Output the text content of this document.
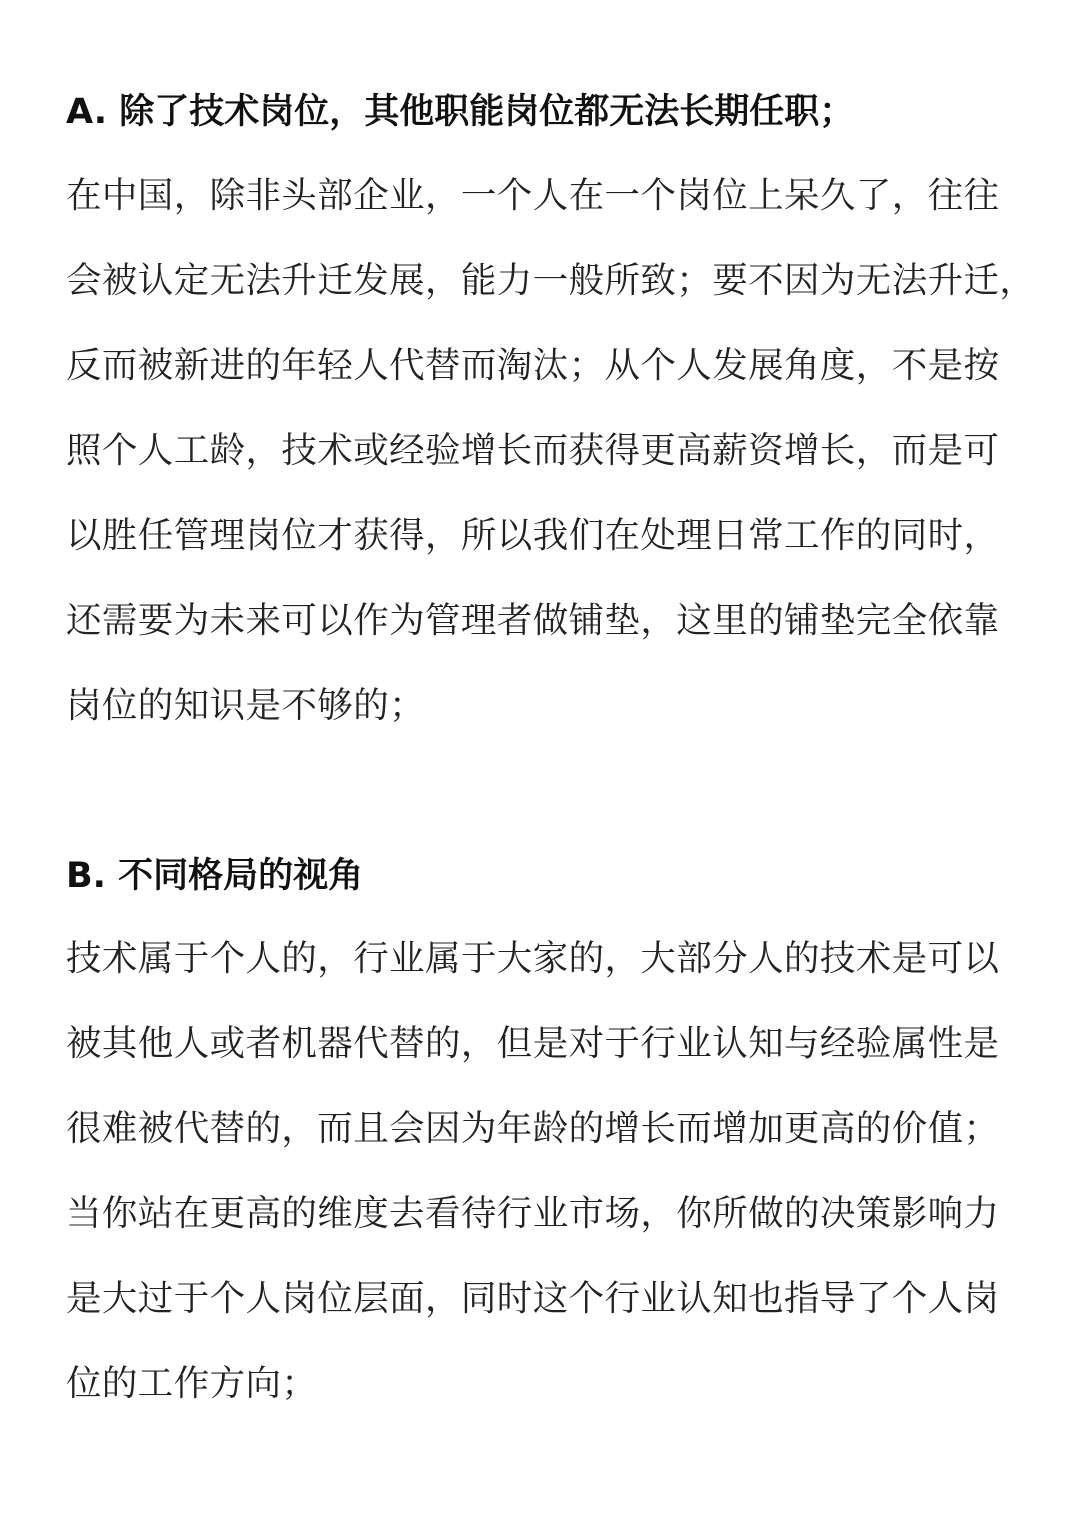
A. 除了技术岗位，其他职能岗位都无法长期任职；
在中国，除非头部企业，一个人在一个岗位上呆久了，往往
会被认定无法升迁发展，能力一般所致；要不因为无法升迁，
反而被新进的年轻人代替而淘汰；从个人发展角度，不是按
照个人工龄，技术或经验增长而获得更高薪资增长，而是可
以胜任管理岗位才获得，所以我们在处理日常工作的同时，
还需要为未来可以作为管理者做铺垫，这里的铺垫完全依靠
岗位的知识是不够的；
B. 不同格局的视角
技术属于个人的，行业属于大家的，大部分人的技术是可以
被其他人或者机器代替的，但是对于行业认知与经验属性是
很难被代替的，而且会因为年龄的增长而增加更高的价值；
当你站在更高的维度去看待行业市场，你所做的决策影响力
是大过于个人岗位层面，同时这个行业认知也指导了个人岗
位的工作方向；
